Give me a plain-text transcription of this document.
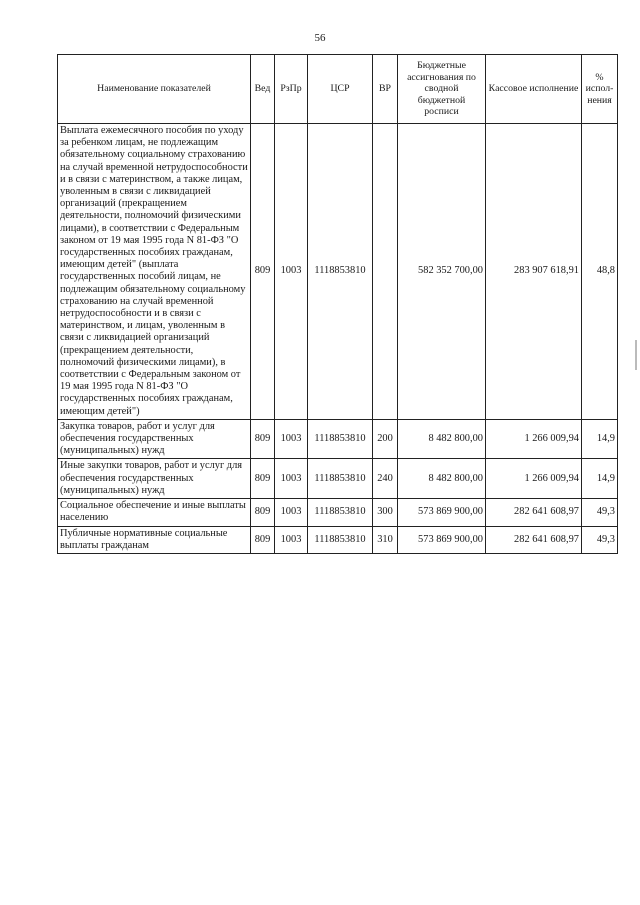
56
Наименование показателей	Вед	РзПр	ЦСР	ВР	Бюджетные ассигнования по сводной бюджетной росписи	Кассовое исполнение	% испол-нения
Выплата ежемесячного пособия по уходу за ребенком лицам, не подлежащим обязательному социальному страхованию на случай временной нетрудоспособности и в связи с материнством, а также лицам, уволенным в связи с ликвидацией организаций (прекращением деятельности, полномочий физическими лицами), в соответствии с Федеральным законом от 19 мая 1995 года N 81-ФЗ "О государственных пособиях гражданам, имеющим детей" (выплата государственных пособий лицам, не подлежащим обязательному социальному страхованию на случай временной нетрудоспособности и в связи с материнством, и лицам, уволенным в связи с ликвидацией организаций (прекращением деятельности, полномочий физическими лицами), в соответствии с Федеральным законом от 19 мая 1995 года N 81-ФЗ "О государственных пособиях гражданам, имеющим детей")	809	1003	1118853810		582 352 700,00	283 907 618,91	48,8
Закупка товаров, работ и услуг для обеспечения государственных (муниципальных) нужд	809	1003	1118853810	200	8 482 800,00	1 266 009,94	14,9
Иные закупки товаров, работ и услуг для обеспечения государственных (муниципальных) нужд	809	1003	1118853810	240	8 482 800,00	1 266 009,94	14,9
Социальное обеспечение и иные выплаты населению	809	1003	1118853810	300	573 869 900,00	282 641 608,97	49,3
Публичные нормативные социальные выплаты гражданам	809	1003	1118853810	310	573 869 900,00	282 641 608,97	49,3
